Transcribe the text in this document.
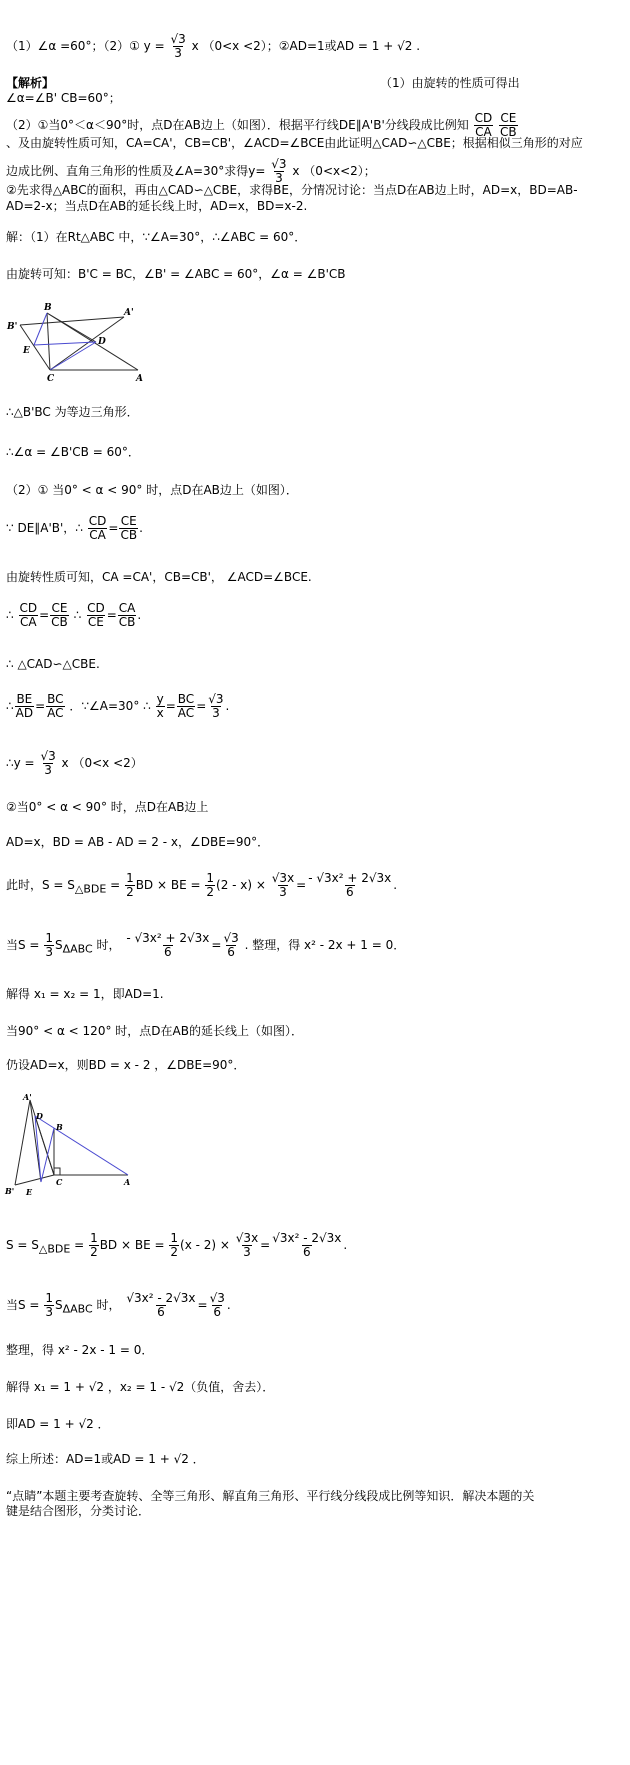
（1）∠α =60°；（2）① $y = \frac{√3}{3}$ x （0<x <2）；②AD=1或AD = 1 + √2 .
【解析】	（1）由旋转的性质可得出
∠α=∠B' CB=60°；
（2）①当0°＜α＜90°时，点D在AB边上（如图）．根据平行线DE∥A'B'分线段成比例知 $\frac{CD}{CA}$
$\frac{CE}{CB}$
、及由旋转性质可知，CA=CA'，CB=CB'，∠ACD=∠BCE由此证明△CAD∽△CBE；根据相似三角形的对应
边成比例、直角三角形的性质及∠A=30°求得$y= \frac{√3}{3}$ x （0<x<2）；
②先求得△ABC的面积，再由△CAD∽△CBE，求得BE，分情况讨论：当点D在AB边上时，AD=x，BD=AB-
AD=2-x；当点D在AB的延长线上时，AD=x，BD=x-2.
解：（1）在Rt△ABC 中，∵∠A=30°，∴∠ABC = 60°．
由旋转可知：B'C = BC，∠B' = ∠ABC = 60°，∠α = ∠B'CB
B	A'
B'
D
E
C	A
∴△B'BC 为等边三角形．
∴∠α = ∠B'CB = 60°．
（2）① 当0° < α < 90° 时，点D在AB边上（如图）．
∵ DE∥A'B'，∴ $\frac{CD}{CA} = \frac{CE}{CB}$ .
由旋转性质可知，CA =CA'，CB=CB'， ∠ACD=∠BCE.
∴ $\frac{CD}{CA} = \frac{CE}{CB}$ ∴ $\frac{CD}{CE} = \frac{CA}{CB}$ .
∴ △CAD∽△CBE.
∴ $\frac{BE}{AD} = \frac{BC}{AC}$ ．∵∠A=30° ∴ $\frac{y}{x} = \frac{BC}{AC} = \frac{√3}{3}$ .
∴y = $\frac{√3}{3}$ x （0<x <2）
②当0° < α < 90° 时，点D在AB边上
AD=x，BD = AB - AD = 2 - x，∠DBE=90°．
此时，$S = S_{\triangle BDE} = \frac{1}{2}$ BD × BE = $\frac{1}{2} (2 - x) \times \frac{√3x}{3} = \frac{\text{- √3x² + 2√3x}}{6}$ .
当$S = \frac{1}{3} S_{\Delta ABC}$ 时， $\frac{\text{- √3x² + 2√3x}}{6} = \frac{√3}{6}$ . 整理，得 x² - 2x + 1 = 0．
解得 x₁ = x₂ = 1，即AD=1.
当90° < α < 120° 时，点D在AB的延长线上（如图）．
仍设AD=x，则BD = x - 2 ，∠DBE=90°．
A'
D
B
C
B' E
A
$S = S_{\triangle BDE} = \frac{1}{2}$ BD × BE = $\frac{1}{2} (x - 2) \times \frac{√3x}{3} = \frac{\text{√3x² - 2√3x}}{6}$ .
当$S = \frac{1}{3} S_{\Delta ABC}$ 时， $\frac{\text{√3x² - 2√3x}}{6} = \frac{√3}{6}$ .
整理，得 x² - 2x - 1 = 0．
解得 x₁ = 1 + √2 ，x₂ = 1 - √2（负值，舍去）．
即AD = 1 + √2 ．
综上所述：AD=1或AD = 1 + √2 ．
“点睛”本题主要考查旋转、全等三角形、解直角三角形、平行线分线段成比例等知识．解决本题的关
键是结合图形，分类讨论．
